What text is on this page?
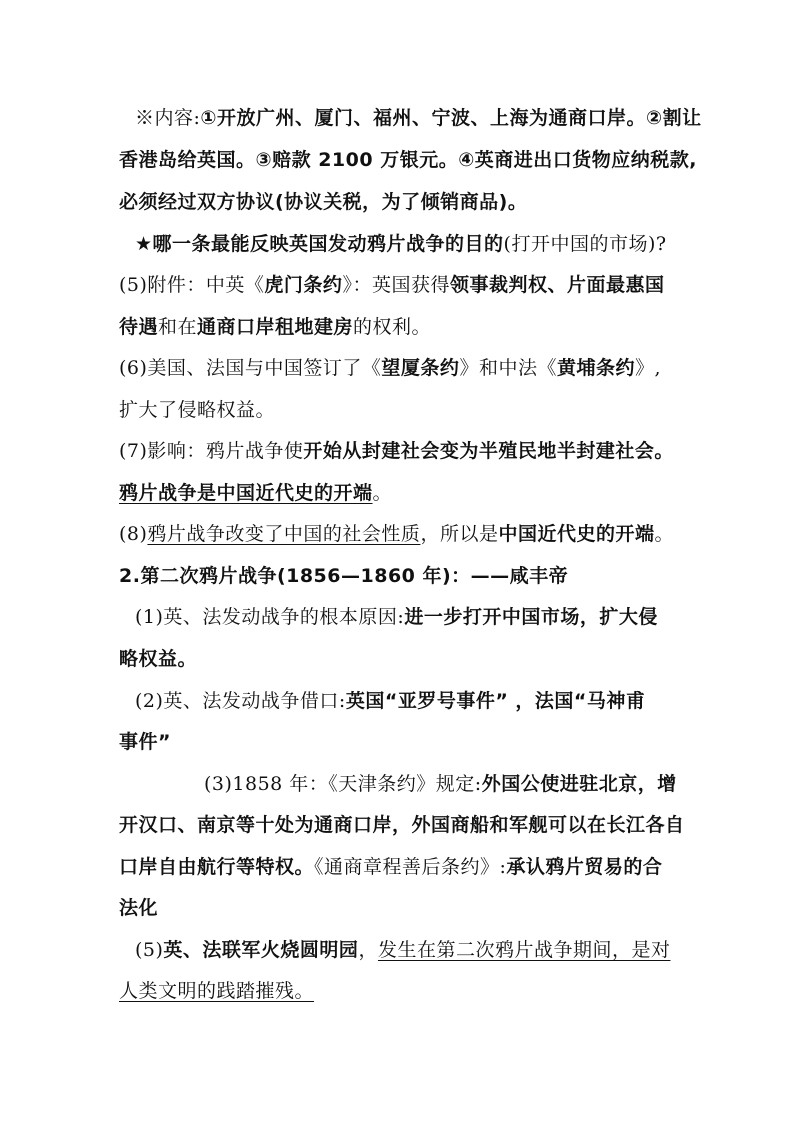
※内容:①开放广州、厦门、福州、宁波、上海为通商口岸。②割让
香港岛给英国。③赔款 2100 万银元。④英商进出口货物应纳税款,
必须经过双方协议(协议关税，为了倾销商品)。
★哪一条最能反映英国发动鸦片战争的目的(打开中国的市场)?
(5)附件：中英《虎门条约》：英国获得领事裁判权、片面最惠国
待遇和在通商口岸租地建房的权利。
(6)美国、法国与中国签订了《望厦条约》和中法《黄埔条约》,
扩大了侵略权益。
(7)影响：鸦片战争使开始从封建社会变为半殖民地半封建社会。
鸦片战争是中国近代史的开端。
(8)鸦片战争改变了中国的社会性质，所以是中国近代史的开端。
2.第二次鸦片战争(1856—1860 年)：——咸丰帝
(1)英、法发动战争的根本原因:进一步打开中国市场，扩大侵
略权益。
(2)英、法发动战争借口:英国“亚罗号事件” ，法国“马神甫
事件”
(3)1858 年：《天津条约》规定:外国公使进驻北京，增
开汉口、南京等十处为通商口岸，外国商船和军舰可以在长江各自
口岸自由航行等特权。《通商章程善后条约》:承认鸦片贸易的合
法化
(5)英、法联军火烧圆明园，发生在第二次鸦片战争期间，是对
人类文明的践踏摧残。
